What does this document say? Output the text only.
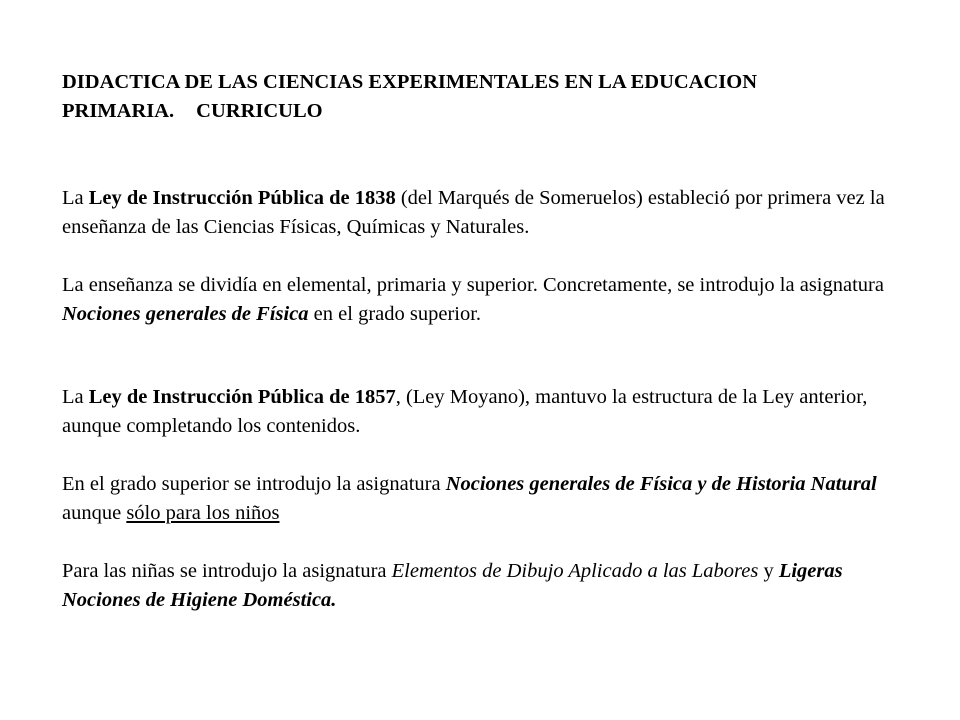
DIDACTICA DE LAS CIENCIAS EXPERIMENTALES EN LA EDUCACION
PRIMARIA. CURRICULO

La Ley de Instrucción Pública de 1838 (del Marqués de Someruelos) estableció por primera vez la enseñanza de las Ciencias Físicas, Químicas y Naturales.

La enseñanza se dividía en elemental, primaria y superior. Concretamente, se introdujo la asignatura Nociones generales de Física en el grado superior.

La Ley de Instrucción Pública de 1857, (Ley Moyano), mantuvo la estructura de la Ley anterior, aunque completando los contenidos.

En el grado superior se introdujo la asignatura Nociones generales de Física y de Historia Natural aunque sólo para los niños

Para las niñas se introdujo la asignatura Elementos de Dibujo Aplicado a las Labores y Ligeras Nociones de Higiene Doméstica.
